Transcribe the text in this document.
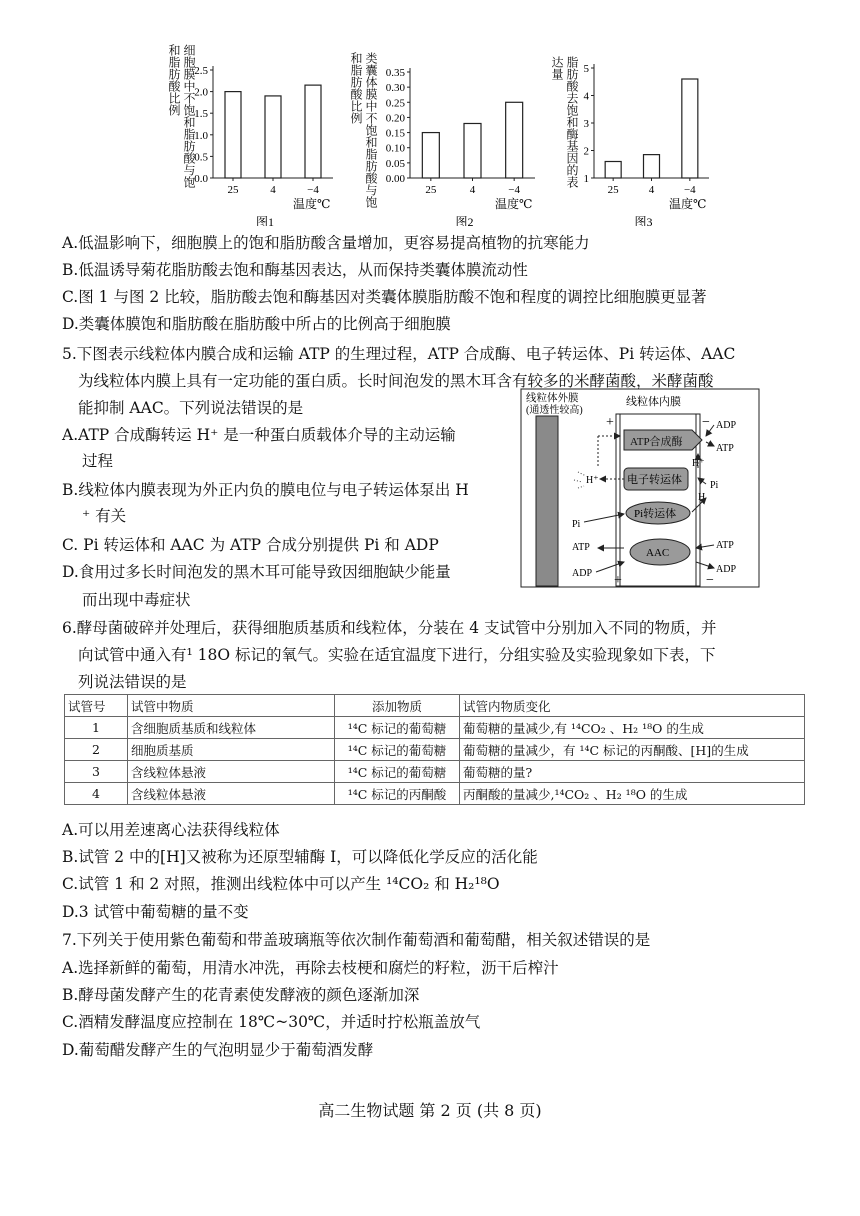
细胞膜中不饱和脂肪酸与饱和脂肪酸比例
0.0
0.5
1.0
1.5
2.0
2.5
25	4	−4
温度℃
图1
类囊体膜中不饱和脂肪酸与饱和脂肪酸比例
0.00
0.05
0.10
0.15
0.20
0.25
0.30
0.35
25	4	−4
温度℃
图2
脂肪酸去饱和酶基因的表达量
1
2
3
4
5
25	4	−4
温度℃
图3
A.低温影响下，细胞膜上的饱和脂肪酸含量增加，更容易提高植物的抗寒能力
B.低温诱导菊花脂肪酸去饱和酶基因表达，从而保持类囊体膜流动性
C.图 1 与图 2 比较，脂肪酸去饱和酶基因对类囊体膜脂肪酸不饱和程度的调控比细胞膜更显著
D.类囊体膜饱和脂肪酸在脂肪酸中所占的比例高于细胞膜
5.下图表示线粒体内膜合成和运输 ATP 的生理过程，ATP 合成酶、电子转运体、Pi 转运体、AAC
为线粒体内膜上具有一定功能的蛋白质。长时间泡发的黑木耳含有较多的米酵菌酸，米酵菌酸
能抑制 AAC。下列说法错误的是
A.ATP 合成酶转运 H⁺ 是一种蛋白质载体介导的主动运输
过程
B.线粒体内膜表现为外正内负的膜电位与电子转运体泵出 H
⁺ 有关
C. Pi 转运体和 AAC 为 ATP 合成分别提供 Pi 和 ADP
D.食用过多长时间泡发的黑木耳可能导致因细胞缺少能量
而出现中毒症状
线粒体外膜
(通透性较高)
线粒体内膜
+	−
−
+
ATP合成酶
ADP
ATP
H⁺
电子转运体
H⁺
H
Pi
Pi转运体
Pi
ATP	AAC
ATP
ADP	ADP
6.酵母菌破碎并处理后，获得细胞质基质和线粒体，分装在 4 支试管中分别加入不同的物质，并
向试管中通入有¹ 18O 标记的氧气。实验在适宜温度下进行，分组实验及实验现象如下表，下
列说法错误的是
试管号	试管中物质	添加物质	试管内物质变化
1	含细胞质基质和线粒体	¹⁴C 标记的葡萄糖	葡萄糖的量减少,有 ¹⁴CO₂ 、H₂ ¹⁸O 的生成
2	细胞质基质	¹⁴C 标记的葡萄糖	葡萄糖的量减少，有 ¹⁴C 标记的丙酮酸、[H]的生成
3	含线粒体悬液	¹⁴C 标记的葡萄糖	葡萄糖的量?
4	含线粒体悬液	¹⁴C 标记的丙酮酸	丙酮酸的量减少,¹⁴CO₂ 、H₂ ¹⁸O 的生成
A.可以用差速离心法获得线粒体
B.试管 2 中的[H]又被称为还原型辅酶 I，可以降低化学反应的活化能
C.试管 1 和 2 对照，推测出线粒体中可以产生 ¹⁴CO₂ 和 H₂¹⁸O
D.3 试管中葡萄糖的量不变
7.下列关于使用紫色葡萄和带盖玻璃瓶等依次制作葡萄酒和葡萄醋，相关叙述错误的是
A.选择新鲜的葡萄，用清水冲洗，再除去枝梗和腐烂的籽粒，沥干后榨汁
B.酵母菌发酵产生的花青素使发酵液的颜色逐渐加深
C.酒精发酵温度应控制在 18℃~30℃，并适时拧松瓶盖放气
D.葡萄醋发酵产生的气泡明显少于葡萄酒发酵
高二生物试题 第 2 页 (共 8 页)
